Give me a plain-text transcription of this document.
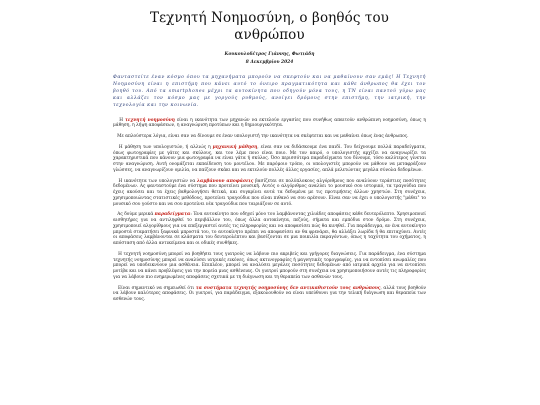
Τεχνητή Νοημοσύνη, ο βοηθός του ανθρώπου
Κουκουλοδέτρος Γιάννης, Φωτιάδη
8 Δεκεμβρίου 2024
Φανταστείτε έναν κόσμο όπου τα μηχανήματα μπορούν να σκεφτούν και να μαθαίνουν σαν εμάς! Η Τεχνητή Νοημοσύνη είναι η επιστήμη που κάνει αυτό το όνειρο πραγματικότητα και κάθε άνθρωπος θα έχει τον βοηθό του. Από τα smartphones μέχρι τα αυτοκίνητα που οδηγούν μόνα τους, η ΤΝ είναι παντού γύρω μας και αλλάζει τον κόσμο μας με γοργούς ρυθμούς, ανοίγει δρόμους στην επιστήμη, την ιατρική, την τεχνολογία και την κοινωνία.

Η τεχνητή νοημοσύνη είναι η ικανότητα των μηχανών να εκτελούν εργασίες που συνήθως απαιτούν ανθρώπινη νοημοσύνη, όπως η μάθηση, η λήψη αποφάσεων, η αναγνώριση προτύπων και η δημιουργικότητα.

Με απλούστερα λόγια, είναι σαν να δίνουμε σε έναν υπολογιστή την ικανότητα να σκέφτεται και να μαθαίνει όπως ένας άνθρωπος.

Η μάθηση των υπολογιστών, ή αλλιώς η μηχανική μάθηση, είναι σαν να διδάσκουμε ένα παιδί. Του δείχνουμε πολλά παραδείγματα, όπως φωτογραφίες με γάτες και σκύλους, και τον λέμε ποιο είναι ποιο. Με τον καιρό, ο υπολογιστής αρχίζει να αναγνωρίζει τα χαρακτηριστικά που κάνουν μια φωτογραφία να είναι γάτα ή σκύλος. Όσο περισσότερα παραδείγματα του δίνουμε, τόσο καλύτερος γίνεται στην αναγνώριση. Αυτή ονομάζεται εκπαίδευση του μοντέλου. Με παρόμοιο τρόπο, οι υπολογιστές μπορούν να μάθουν να μεταφράζουν γλώσσες, να αναγνωρίζουν ομιλία, να παίζουν σκάκι και να εκτελούν πολλές άλλες εργασίες, απλά μελετώντας μεγάλα σύνολα δεδομένων.

Η ικανότητα των υπολογιστών να λαμβάνουν αποφάσεις βασίζεται σε πολύπλοκους αλγόριθμους που αναλύουν τεράστιες ποσότητες δεδομένων. Ας φανταστούμε ένα σύστημα που προτείνει μουσική. Αυτός ο αλγόριθμος αναλύει το μουσικό σου ιστορικό, τα τραγούδια που έχεις ακούσει και τα έχεις βαθμολογήσει θετικά, και συγκρίνει αυτά τα δεδομένα με τις προτιμήσεις άλλων χρηστών. Στη συνέχεια, χρησιμοποιώντας στατιστικές μεθόδους, προτείνει τραγούδια που είναι πιθανό να σου αρέσουν. Είναι σαν να έχει ο υπολογιστής "μάθει" το μουσικό σου γούστο και να σου προτείνει νέα τραγούδια που ταιριάζουν σε αυτό.

Ας δούμε μερικά παραδείγματα: Ένα αυτοκίνητο που οδηγεί μόνο του λαμβάνοντας χιλιάδες αποφάσεις κάθε δευτερόλεπτο. Χρησιμοποιεί αισθητήρες για να αντιληφθεί το περιβάλλον του, όπως άλλα αυτοκίνητα, πεζούς, σήματα και εμπόδια στον δρόμο. Στη συνέχεια, χρησιμοποιεί αλγορίθμους για να επεξεργαστεί αυτές τις πληροφορίες και να αποφασίσει πώς θα κινηθεί. Για παράδειγμα, αν ένα αυτοκίνητο μπροστά σταματήσει ξαφνικά μπροστά του, το αυτοκίνητο πρέπει να αποφασίσει αν θα φρενάρει, θα αλλάξει λωρίδα ή θα επιταχύνει. Αυτές οι αποφάσεις λαμβάνονται σε κλάσματα του δευτερολέπτου και βασίζονται σε μια ποικιλία παραγόντων, όπως η ταχύτητα του οχήματος, η απόσταση από άλλα αντικείμενα και οι οδικές συνθήκες.

Η τεχνητή νοημοσύνη μπορεί να βοηθήσει τους γιατρούς να λάβουν πιο ακριβείς και γρήγορες διαγνώσεις. Για παράδειγμα, ένα σύστημα τεχνητής νοημοσύνης μπορεί να αναλύσει ιατρικές εικόνες, όπως ακτινογραφίες ή μαγνητικές τομογραφίες, για να εντοπίσει ανωμαλίες που μπορεί να υποδεικνύουν μια ασθένεια. Επιπλέον, μπορεί να αναλύσει μεγάλες ποσότητες δεδομένων από ιατρικά αρχεία για να εντοπίσει μοτίβα και να κάνει προβλέψεις για την πορεία μιας ασθένειας. Οι γιατροί μπορούν στη συνέχεια να χρησιμοποιήσουν αυτές τις πληροφορίες για να λάβουν πιο ενημερωμένες αποφάσεις σχετικά με τη διάγνωση και τη θεραπεία των ασθενών τους.

Είναι σημαντικό να σημειωθεί ότι τα συστήματα τεχνητής νοημοσύνης δεν αντικαθιστούν τους ανθρώπους, αλλά τους βοηθούν να λάβουν καλύτερες αποφάσεις. Οι γιατροί, για παράδειγμα, εξακολουθούν να είναι υπεύθυνοι για την τελική διάγνωση και θεραπεία των ασθενών τους.
